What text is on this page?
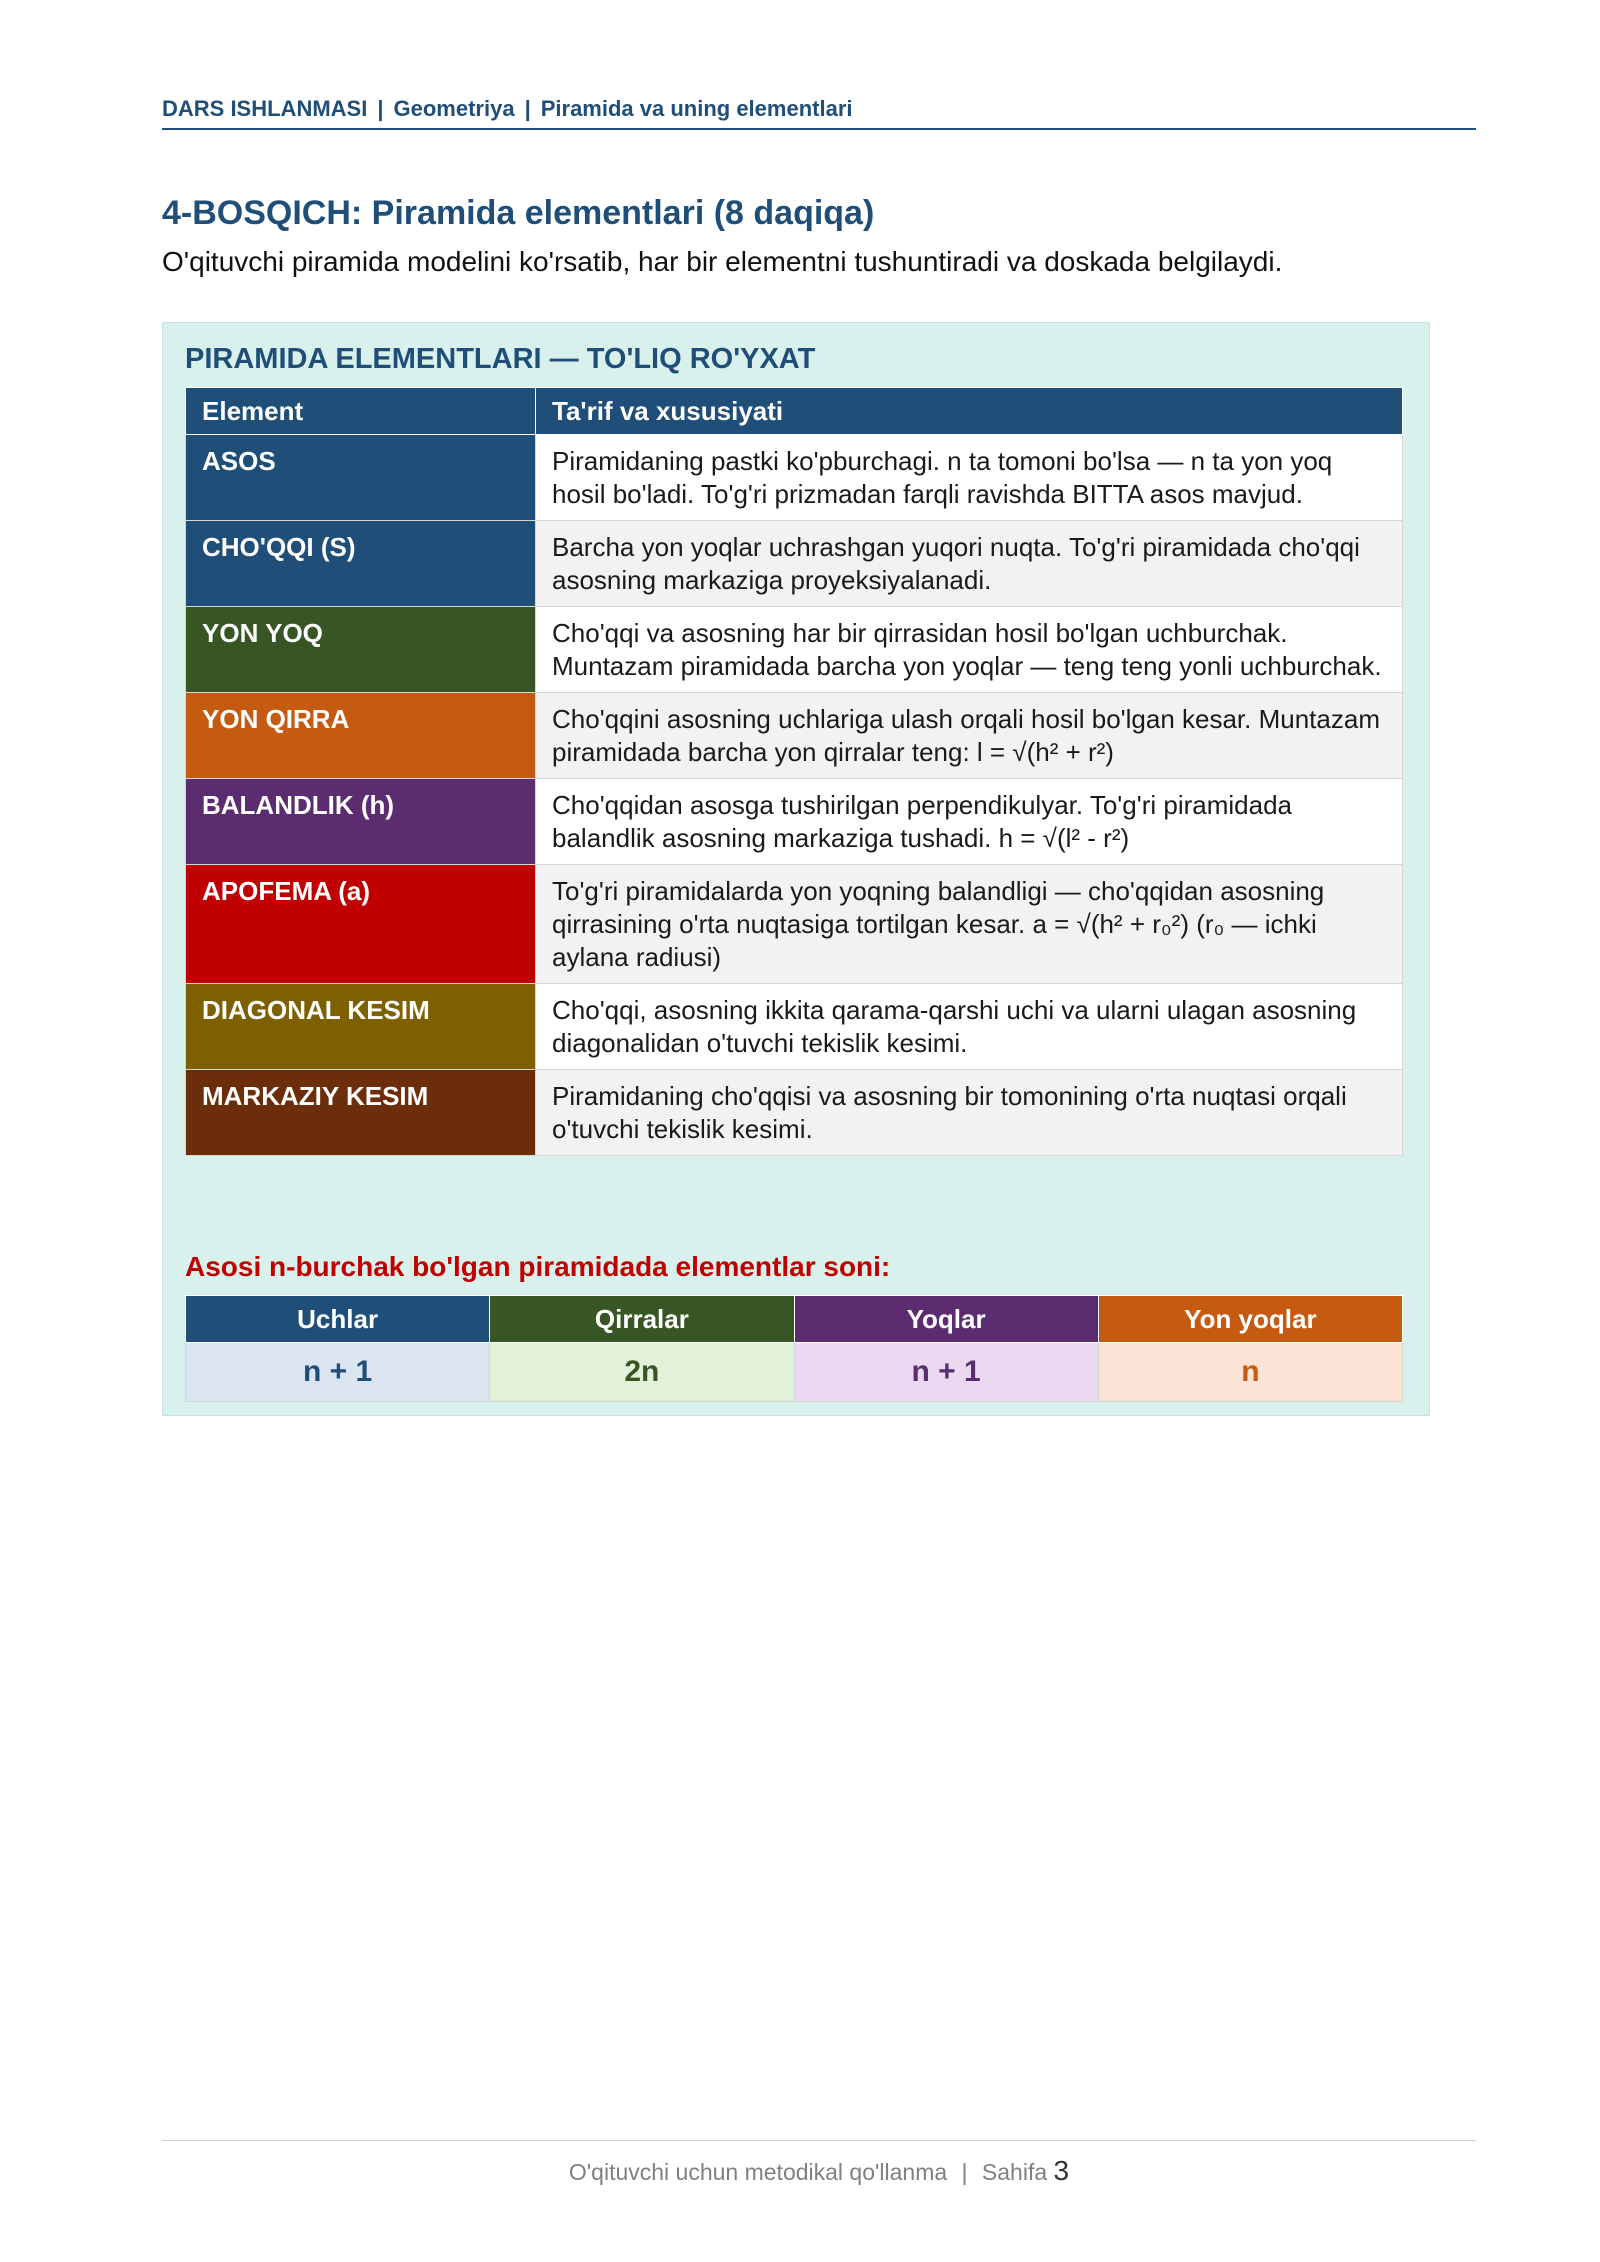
DARS ISHLANMASI | Geometriya | Piramida va uning elementlari
4-BOSQICH: Piramida elementlari (8 daqiqa)

O'qituvchi piramida modelini ko'rsatib, har bir elementni tushuntiradi va doskada belgilaydi.

PIRAMIDA ELEMENTLARI — TO'LIQ RO'YXAT
Element	Ta'rif va xususiyati
ASOS	Piramidaning pastki ko'pburchagi. n ta tomoni bo'lsa — n ta yon yoq hosil bo'ladi. To'g'ri prizmadan farqli ravishda BITTA asos mavjud.
CHO'QQI (S)	Barcha yon yoqlar uchrashgan yuqori nuqta. To'g'ri piramidada cho'qqi asosning markaziga proyeksiyalanadi.
YON YOQ	Cho'qqi va asosning har bir qirrasidan hosil bo'lgan uchburchak. Muntazam piramidada barcha yon yoqlar — teng teng yonli uchburchak.
YON QIRRA	Cho'qqini asosning uchlariga ulash orqali hosil bo'lgan kesar. Muntazam piramidada barcha yon qirralar teng: l = √(h² + r²)
BALANDLIK (h)	Cho'qqidan asosga tushirilgan perpendikulyar. To'g'ri piramidada balandlik asosning markaziga tushadi. h = √(l² - r²)
APOFEMA (a)	To'g'ri piramidalarda yon yoqning balandligi — cho'qqidan asosning qirrasining o'rta nuqtasiga tortilgan kesar. a = √(h² + r₀²) (r₀ — ichki aylana radiusi)
DIAGONAL KESIM	Cho'qqi, asosning ikkita qarama-qarshi uchi va ularni ulagan asosning diagonalidan o'tuvchi tekislik kesimi.
MARKAZIY KESIM	Piramidaning cho'qqisi va asosning bir tomonining o'rta nuqtasi orqali o'tuvchi tekislik kesimi.
Asosi n-burchak bo'lgan piramidada elementlar soni:
Uchlar	Qirralar	Yoqlar	Yon yoqlar
n + 1	2n	n + 1	n
O'qituvchi uchun metodikal qo'llanma | Sahifa 3
